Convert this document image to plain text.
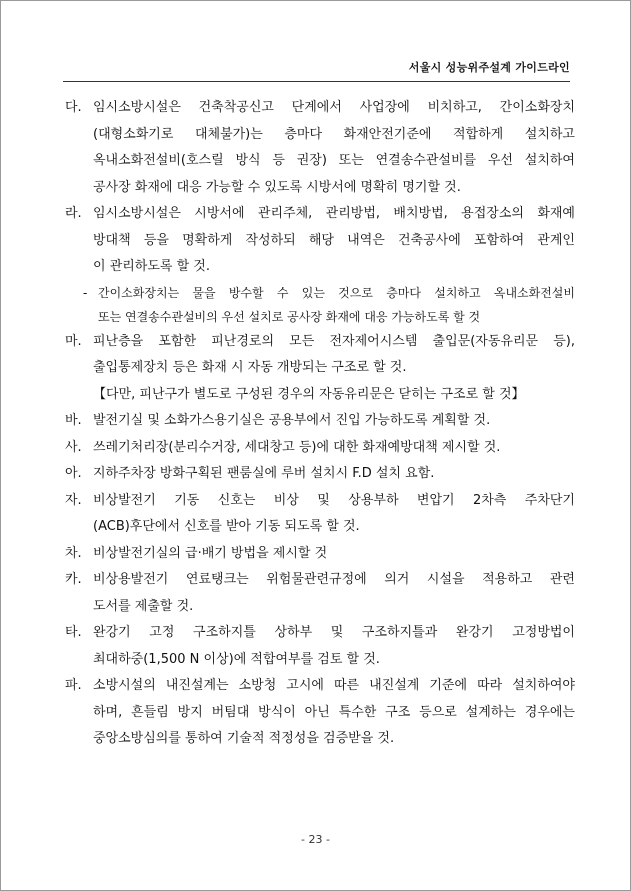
서울시 성능위주설계 가이드라인
다. 임시소방시설은 건축착공신고 단계에서 사업장에 비치하고, 간이소화장치
(대형소화기로 대체불가)는 층마다 화재안전기준에 적합하게 설치하고
옥내소화전설비(호스릴 방식 등 권장) 또는 연결송수관설비를 우선 설치하여
공사장 화재에 대응 가능할 수 있도록 시방서에 명확히 명기할 것.
라. 임시소방시설은 시방서에 관리주체, 관리방법, 배치방법, 용접장소의 화재예
방대책 등을 명확하게 작성하되 해당 내역은 건축공사에 포함하여 관계인
이 관리하도록 할 것.
- 간이소화장치는 물을 방수할 수 있는 것으로 층마다 설치하고 옥내소화전설비
또는 연결송수관설비의 우선 설치로 공사장 화재에 대응 가능하도록 할 것
마. 피난층을 포함한 피난경로의 모든 전자제어시스템 출입문(자동유리문 등),
출입통제장치 등은 화재 시 자동 개방되는 구조로 할 것.
【다만, 피난구가 별도로 구성된 경우의 자동유리문은 닫히는 구조로 할 것】
바. 발전기실 및 소화가스용기실은 공용부에서 진입 가능하도록 계획할 것.
사. 쓰레기처리장(분리수거장, 세대창고 등)에 대한 화재예방대책 제시할 것.
아. 지하주차장 방화구획된 팬룸실에 루버 설치시 F.D 설치 요함.
자. 비상발전기 기동 신호는 비상 및 상용부하 변압기 2차측 주차단기
(ACB)후단에서 신호를 받아 기동 되도록 할 것.
차. 비상발전기실의 급·배기 방법을 제시할 것
카. 비상용발전기 연료탱크는 위험물관련규정에 의거 시설을 적용하고 관련
도서를 제출할 것.
타. 완강기 고정 구조하지틀 상하부 및 구조하지틀과 완강기 고정방법이
최대하중(1,500 N 이상)에 적합여부를 검토 할 것.
파. 소방시설의 내진설계는 소방청 고시에 따른 내진설계 기준에 따라 설치하여야
하며, 흔들림 방지 버팀대 방식이 아닌 특수한 구조 등으로 설계하는 경우에는
중앙소방심의를 통하여 기술적 적정성을 검증받을 것.
- 23 -
